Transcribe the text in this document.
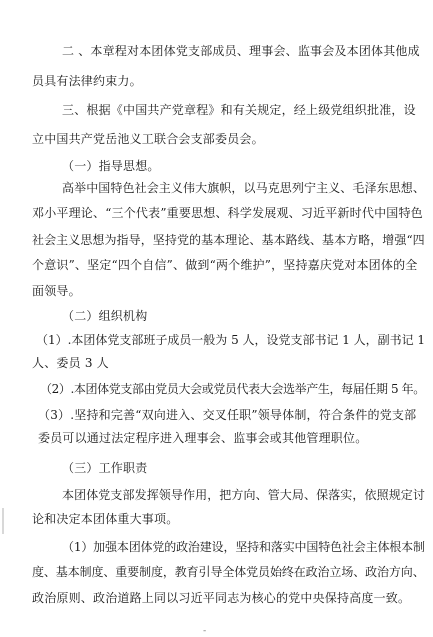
二 、本章程对本团体党支部成员、理事会、监事会及本团体其他成
员具有法律约束力。
三、根据《中国共产党章程》和有关规定，经上级党组织批准，设
立中国共产党岳池义工联合会支部委员会。
（一）指导思想。
高举中国特色社会主义伟大旗帜，以马克思列宁主义、毛泽东思想、
邓小平理论、“三个代表”重要思想、科学发展观、习近平新时代中国特色
社会主义思想为指导，坚持党的基本理论、基本路线、基本方略，增强“四
个意识”、坚定“四个自信”、做到“两个维护”，坚持嘉庆党对本团体的全
面领导。
（二）组织机构
（1）.本团体党支部班子成员一般为 5 人，设党支部书记 1 人，副书记 1
人、委员 3 人
（2）.本团体党支部由党员大会或党员代表大会选举产生，每届任期 5 年。
（3）.坚持和完善“双向进入、交叉任职”领导体制，符合条件的党支部
委员可以通过法定程序进入理事会、监事会或其他管理职位。
（三）工作职责
本团体党支部发挥领导作用，把方向、管大局、保落实，依照规定讨
论和决定本团体重大事项。
（1）加强本团体党的政治建设，坚持和落实中国特色社会主体根本制
度、基本制度、重要制度，教育引导全体党员始终在政治立场、政治方向、
政治原则、政治道路上同以习近平同志为核心的党中央保持高度一致。
-
